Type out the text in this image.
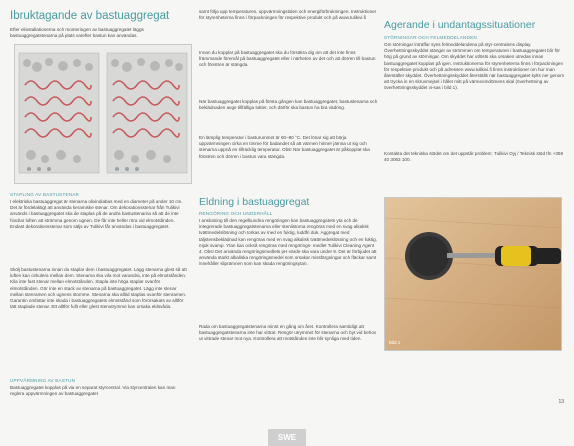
Ibruktagande av bastuaggregat

Efter elinstallationerna och monteringen av bastuaggregatet läggs bastuaggregatstenarna på plats varefter bastun kan användas.

STAPLING AV BASTUSTENAR

I elektriska bastuaggregat är stenarna olivindiabas med en diameter på under 10 cm. Det är fördelaktigt att använda keramiske stenar. Om dekorationsstenar från Tulikivi används i bastuaggregatet ska de staplas på de andra bastustenarna så att de inte hindrar luften att strömma genom ugnen. De får inte heller röra vid elmotstånden. Endast dekorationsstenar som säljs av Tulikivi får användas i bastuaggregatet.

Skölj bastustenarna innan du staplar dem i bastuaggregatet. Lägg stenarna glest så att luften kan cirkulera mellan dem. Stenarna ska vila mot varandra, inte på elmotstånden. Kila inte fast stenar mellan elmotstånden. Stapla inte höga staplar ovanför elmotstånden. Gör inte en stack av stenarna på bastuaggregatet. Lägg inte stenar mellan stenramen och ugnens stomme. Stenarna ska alltid staplas ovanför stenramen. Garantin omfattar inte skada i bastuaggregatets elmotstånd som förorsakats av alltför tätt staplade stenar. Ett alltför fullt eller glest stenutrymme kan orsaka eldsvåda.

UPPVÄRMNING AV BASTUN

Bastuaggregatet kopplas på via en separat styrcentral. Via styrcentralen kan man reglera uppvärmningen av bastuaggregatet

samt följa upp temperaturen, uppvärmningstiden och energiförbrukningen. Instruktioner för styrenheterna finns i förpackningen för respektive produkt och på www.tulikivi.fi

Innan du kopplar på bastuaggregatet ska du försäkra dig om att det inte finns främmande föremål på bastuaggregatet eller i närheten av det och att dörren till bastun och fönstren är stängda.

När bastuaggregatet kopplas på första gången kan bastuaggregatet, bastustenarna och beklädnaden avge tillfälliga lukter, och därför ska bastun ha bra vädring.

En lämplig temperatur i basturummet är 60–80 °C. Det lönar sig att börja uppvärmningen cirka en timme för badandet så att värmen hinner jämna ut sig och stenarna uppnå en tillräcklig temperatur. Obs! När bastuaggregatet är påkopplat ska fönstren och dörren i bastun vara stängda.

Eldning i bastuaggregat
RENGÖRING OCH UNDERHÅLL

I anslutning till den regelbundna rengöringen kan bastuaggregatets yta och de integrerade bastuaggregatstenarna eller stenlistorna rengöras med en svag alkalisk tvättmedelslösning och torkas av med en fuktig, luddfri duk. Aggregat med täljstensbeklädnad kan rengöras med en svag alkalisk tvättmedelslösning och en fuktig, mjuk svamp. Ytan kan också rengöras med rengörings- medlet Tulikivi Cleaning Agent 4. Obs! Det använda rengöringsmedlets pH-värde ska vara under 9. Det är förbjudet att använda starkt alkaliska rengöringsmedel som orsakar missfärgningar och fläckar samt innehåller sliprämnen som kan skada rengöringsytan.

Rada om bastuaggregatstenarna minst en gång om året. Kontrollera samtidigt att bastuaggregatstenarna inte har vittrat. Rengör utrymmet för stenarna och byt vid behov ut vittrade stenar mot nya. Kontrollera att motstånden inte blir synliga med tiden.

Agerande i undantagssituationer
STÖRNINGAR OCH FELMEDDELANDEN

Om störningar inträffar syns felmeddelandena på styr-centralens display. Överhettningsskyddet stänger av strömmen om temperaturen i bastuaggregatet blir för hög på grund av störningar. Om skyddet har utlösts ska orsaken utredas innan bastuaggregatet kopplas på igen. Instruktionerna för styrenheterna finns i förpackningen för respektive produkt och på adressen www.tulikivi.fi finns instruktioner om hur man återställer skyddet. Överhettningsskyddet återställs när bastuaggregatet kylts ner genom att trycka in en skruvmejsel i hålet mitt på värmeomdömens skal (överhettning av överhettningsskyddet vi-sas i bild 1).

Kontakta det tekniska stödet om det uppstår problem: Tulikivi Oyj / Teknisk stöd tfn +358 40 3063 100.

Bild 1
13
SWE
